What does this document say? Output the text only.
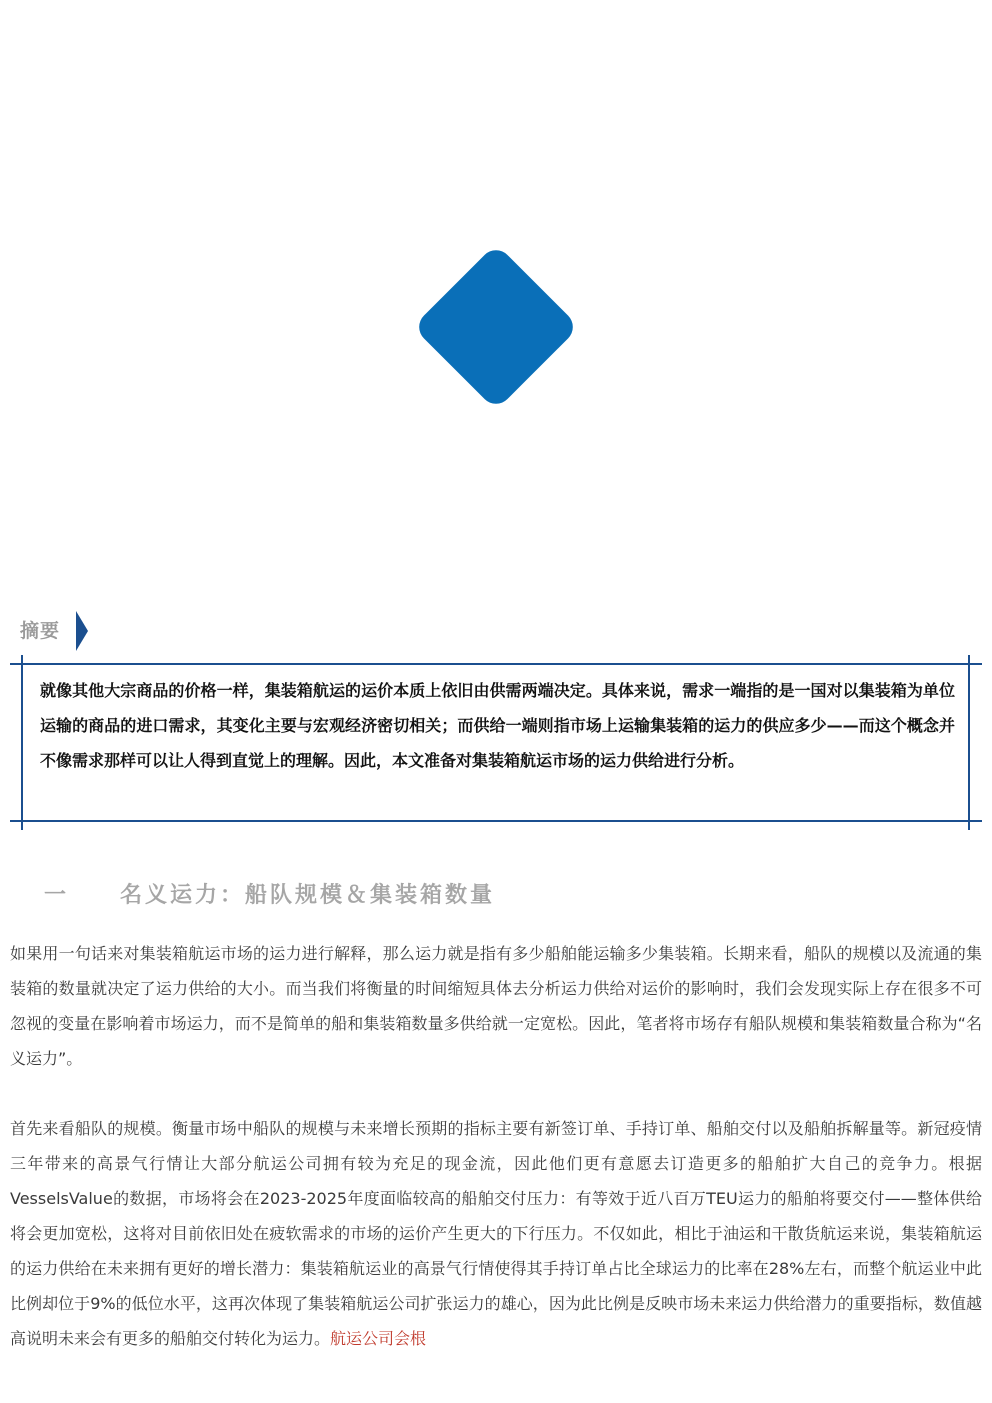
摘要

就像其他大宗商品的价格一样，集装箱航运的运价本质上依旧由供需两端决定。具体来说，需求一端指的是一国对以集装箱为单位运输的商品的进口需求，其变化主要与宏观经济密切相关；而供给一端则指市场上运输集装箱的运力的供应多少——而这个概念并不像需求那样可以让人得到直觉上的理解。因此，本文准备对集装箱航运市场的运力供给进行分析。

一 名义运力：船队规模＆集装箱数量

如果用一句话来对集装箱航运市场的运力进行解释，那么运力就是指有多少船舶能运输多少集装箱。长期来看，船队的规模以及流通的集装箱的数量就决定了运力供给的大小。而当我们将衡量的时间缩短具体去分析运力供给对运价的影响时，我们会发现实际上存在很多不可忽视的变量在影响着市场运力，而不是简单的船和集装箱数量多供给就一定宽松。因此，笔者将市场存有船队规模和集装箱数量合称为“名义运力”。

首先来看船队的规模。衡量市场中船队的规模与未来增长预期的指标主要有新签订单、手持订单、船舶交付以及船舶拆解量等。新冠疫情三年带来的高景气行情让大部分航运公司拥有较为充足的现金流，因此他们更有意愿去订造更多的船舶扩大自己的竞争力。根据VesselsValue的数据，市场将会在2023-2025年度面临较高的船舶交付压力：有等效于近八百万TEU运力的船舶将要交付——整体供给将会更加宽松，这将对目前依旧处在疲软需求的市场的运价产生更大的下行压力。不仅如此，相比于油运和干散货航运来说，集装箱航运的运力供给在未来拥有更好的增长潜力：集装箱航运业的高景气行情使得其手持订单占比全球运力的比率在28%左右，而整个航运业中此比例却位于9%的低位水平，这再次体现了集装箱航运公司扩张运力的雄心，因为此比例是反映市场未来运力供给潜力的重要指标，数值越高说明未来会有更多的船舶交付转化为运力。航运公司会根
